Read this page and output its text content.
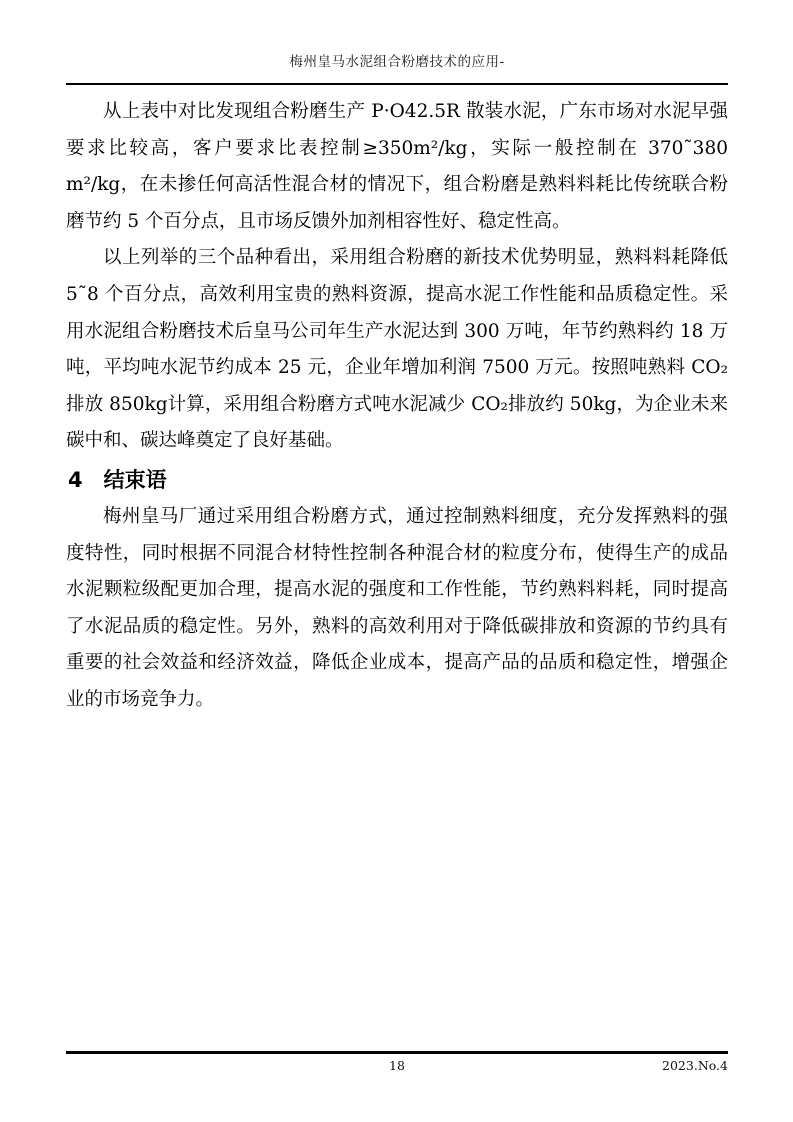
梅州皇马水泥组合粉磨技术的应用-

从上表中对比发现组合粉磨生产 P·O42.5R 散装水泥，广东市场对水泥早强要求比较高，客户要求比表控制≥350m²/kg，实际一般控制在 370˜380 m²/kg，在未掺任何高活性混合材的情况下，组合粉磨是熟料料耗比传统联合粉磨节约 5 个百分点，且市场反馈外加剂相容性好、稳定性高。

以上列举的三个品种看出，采用组合粉磨的新技术优势明显，熟料料耗降低 5˜8 个百分点，高效利用宝贵的熟料资源，提高水泥工作性能和品质稳定性。采用水泥组合粉磨技术后皇马公司年生产水泥达到 300 万吨，年节约熟料约 18 万吨，平均吨水泥节约成本 25 元，企业年增加利润 7500 万元。按照吨熟料 CO₂排放 850kg计算，采用组合粉磨方式吨水泥减少 CO₂排放约 50kg，为企业未来碳中和、碳达峰奠定了良好基础。

4　结束语

梅州皇马厂通过采用组合粉磨方式，通过控制熟料细度，充分发挥熟料的强度特性，同时根据不同混合材特性控制各种混合材的粒度分布，使得生产的成品水泥颗粒级配更加合理，提高水泥的强度和工作性能，节约熟料料耗，同时提高了水泥品质的稳定性。另外，熟料的高效利用对于降低碳排放和资源的节约具有重要的社会效益和经济效益，降低企业成本，提高产品的品质和稳定性，增强企业的市场竞争力。

18	2023.No.4
